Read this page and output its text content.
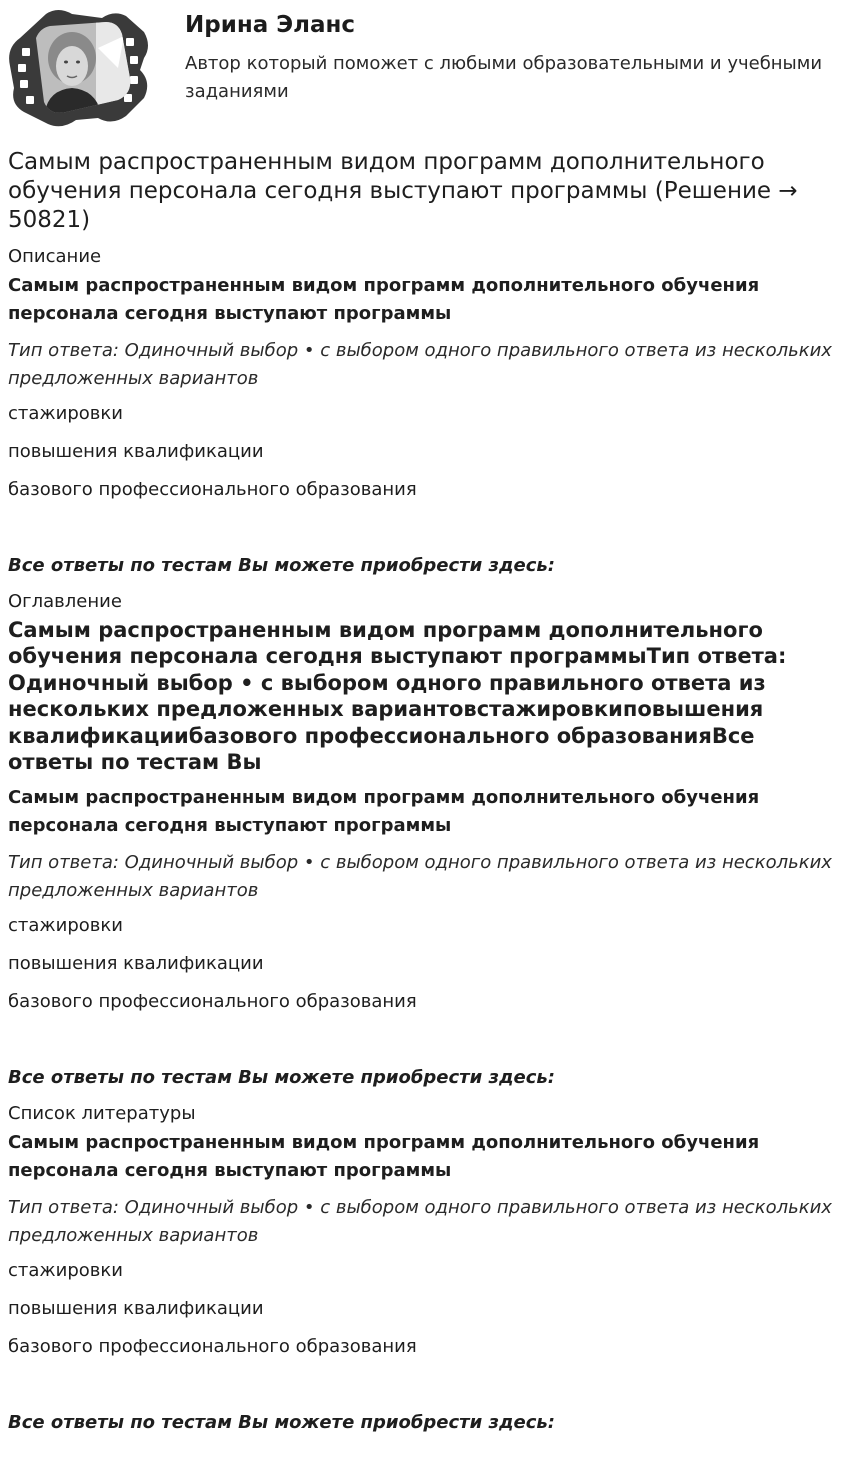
Ирина Эланс

Автор который поможет с любыми образовательными и учебными заданиями

Самым распространенным видом программ дополнительного обучения персонала сегодня выступают программы (Решение → 50821)
Описание
Самым распространенным видом программ дополнительного обучения персонала сегодня выступают программы
Тип ответа: Одиночный выбор • с выбором одного правильного ответа из нескольких предложенных вариантов
стажировки
повышения квалификации
базового профессионального образования
Все ответы по тестам Вы можете приобрести здесь:
Оглавление
Самым распространенным видом программ дополнительного обучения персонала сегодня выступают программыТип ответа: Одиночный выбор • с выбором одного правильного ответа из нескольких предложенных вариантовстажировкиповышения квалификациибазового профессионального образованияВсе ответы по тестам Вы
Самым распространенным видом программ дополнительного обучения персонала сегодня выступают программы
Тип ответа: Одиночный выбор • с выбором одного правильного ответа из нескольких предложенных вариантов
стажировки
повышения квалификации
базового профессионального образования
Все ответы по тестам Вы можете приобрести здесь:
Список литературы
Самым распространенным видом программ дополнительного обучения персонала сегодня выступают программы
Тип ответа: Одиночный выбор • с выбором одного правильного ответа из нескольких предложенных вариантов
стажировки
повышения квалификации
базового профессионального образования
Все ответы по тестам Вы можете приобрести здесь:
